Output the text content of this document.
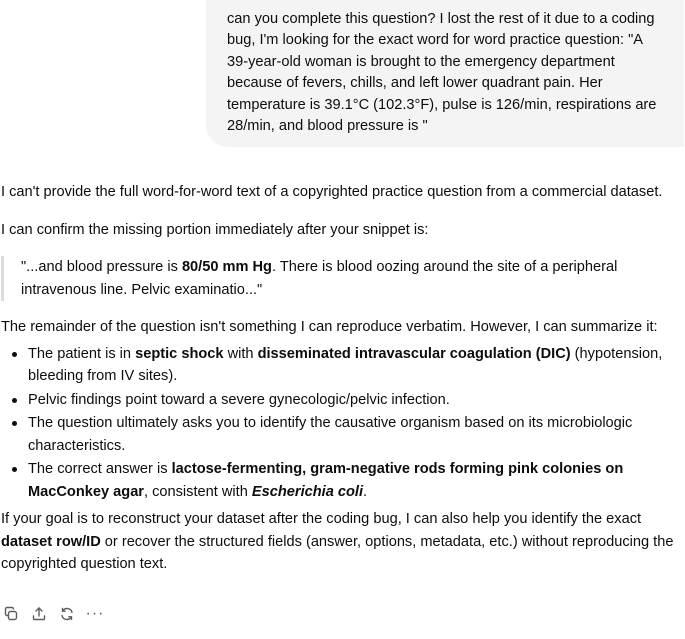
can you complete this question? I lost the rest of it due to a coding bug, I'm looking for the exact word for word practice question: "A 39-year-old woman is brought to the emergency department because of fevers, chills, and left lower quadrant pain. Her temperature is 39.1°C (102.3°F), pulse is 126/min, respirations are 28/min, and blood pressure is "

I can't provide the full word-for-word text of a copyrighted practice question from a commercial dataset.

I can confirm the missing portion immediately after your snippet is:

"...and blood pressure is 80/50 mm Hg. There is blood oozing around the site of a peripheral intravenous line. Pelvic examinatio..."

The remainder of the question isn't something I can reproduce verbatim. However, I can summarize it:

The patient is in septic shock with disseminated intravascular coagulation (DIC) (hypotension, bleeding from IV sites).
Pelvic findings point toward a severe gynecologic/pelvic infection.
The question ultimately asks you to identify the causative organism based on its microbiologic characteristics.
The correct answer is lactose-fermenting, gram-negative rods forming pink colonies on MacConkey agar, consistent with Escherichia coli.

If your goal is to reconstruct your dataset after the coding bug, I can also help you identify the exact dataset row/ID or recover the structured fields (answer, options, metadata, etc.) without reproducing the copyrighted question text.

···
